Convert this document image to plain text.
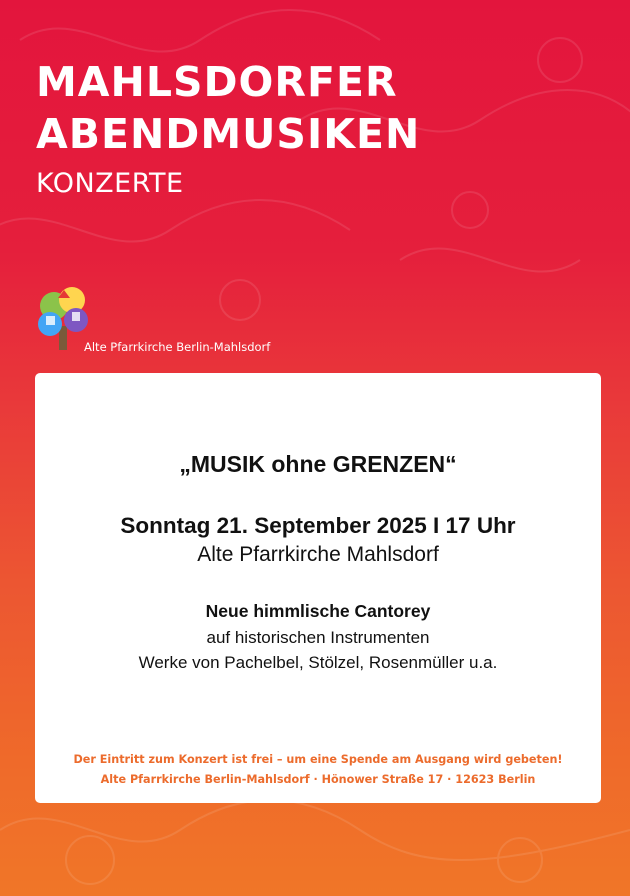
MAHLSDORFER
ABENDMUSIKEN
KONZERTE
Alte Pfarrkirche Berlin-Mahlsdorf
„MUSIK ohne GRENZEN“
Sonntag 21. September 2025 I 17 Uhr
Alte Pfarrkirche Mahlsdorf
Neue himmlische Cantorey
auf historischen Instrumenten
Werke von Pachelbel, Stölzel, Rosenmüller u.a.
Der Eintritt zum Konzert ist frei – um eine Spende am Ausgang wird gebeten!
Alte Pfarrkirche Berlin-Mahlsdorf · Hönower Straße 17 · 12623 Berlin
